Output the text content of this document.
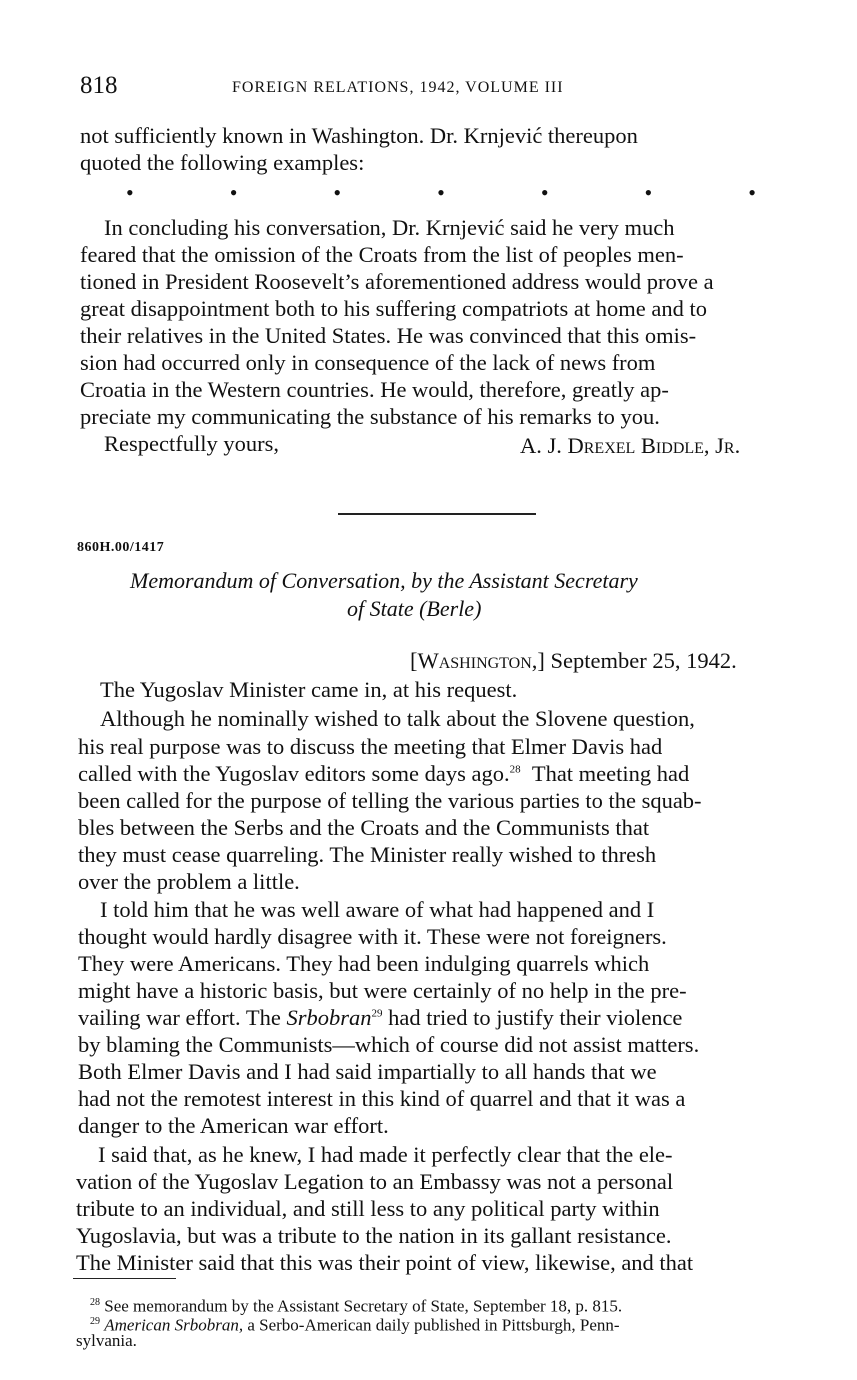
818	FOREIGN RELATIONS, 1942, VOLUME III
not sufficiently known in Washington. Dr. Krnjević thereupon
quoted the following examples:
•	•	•	•	•	•	•
In concluding his conversation, Dr. Krnjević said he very much
feared that the omission of the Croats from the list of peoples men-
tioned in President Roosevelt’s aforementioned address would prove a
great disappointment both to his suffering compatriots at home and to
their relatives in the United States. He was convinced that this omis-
sion had occurred only in consequence of the lack of news from
Croatia in the Western countries. He would, therefore, greatly ap-
preciate my communicating the substance of his remarks to you.
Respectfully yours,	A. J. Drexel Biddle, Jr.
860H.00/1417
Memorandum of Conversation, by the Assistant Secretary
of State (Berle)
[Washington,] September 25, 1942.
The Yugoslav Minister came in, at his request.
Although he nominally wished to talk about the Slovene question,
his real purpose was to discuss the meeting that Elmer Davis had
called with the Yugoslav editors some days ago.$^{28}$ That meeting had
been called for the purpose of telling the various parties to the squab-
bles between the Serbs and the Croats and the Communists that
they must cease quarreling. The Minister really wished to thresh
over the problem a little.
I told him that he was well aware of what had happened and I
thought would hardly disagree with it. These were not foreigners.
They were Americans. They had been indulging quarrels which
might have a historic basis, but were certainly of no help in the pre-
vailing war effort. The Srbobran$^{29}$ had tried to justify their violence
by blaming the Communists—which of course did not assist matters.
Both Elmer Davis and I had said impartially to all hands that we
had not the remotest interest in this kind of quarrel and that it was a
danger to the American war effort.
I said that, as he knew, I had made it perfectly clear that the ele-
vation of the Yugoslav Legation to an Embassy was not a personal
tribute to an individual, and still less to any political party within
Yugoslavia, but was a tribute to the nation in its gallant resistance.
The Minister said that this was their point of view, likewise, and that
$^{28}$ See memorandum by the Assistant Secretary of State, September 18, p. 815.
$^{29}$ American Srbobran, a Serbo-American daily published in Pittsburgh, Penn-
sylvania.
